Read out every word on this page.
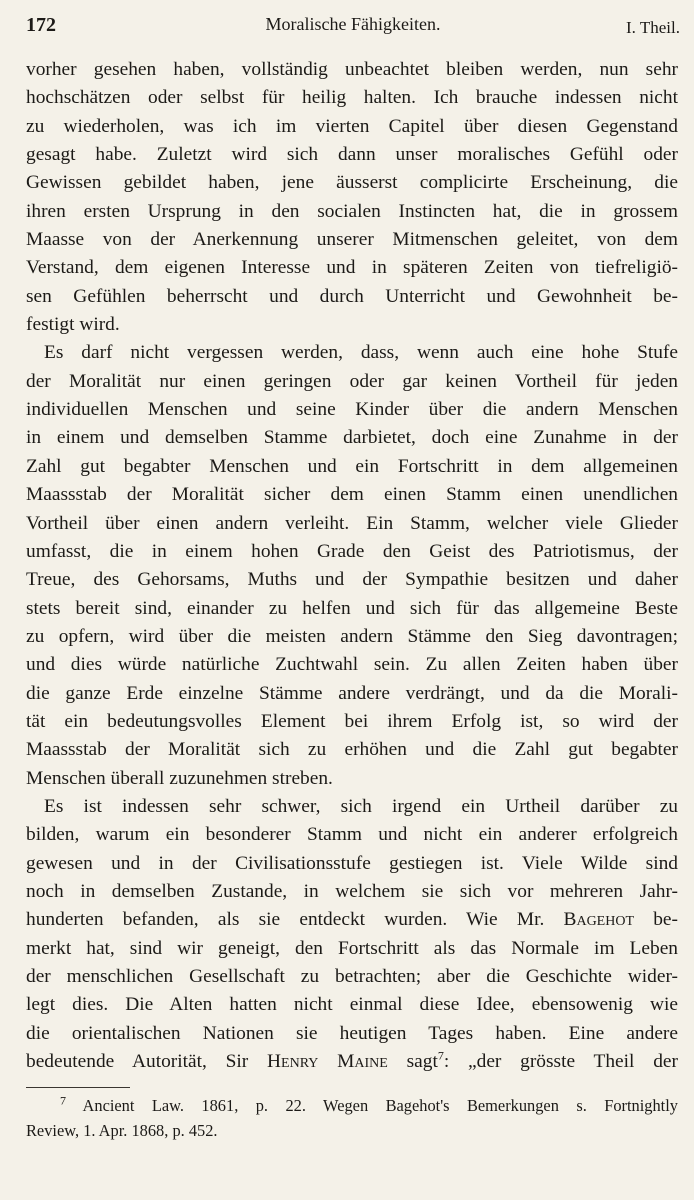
172	Moralische Fähigkeiten.	I. Theil.
vorher gesehen haben, vollständig unbeachtet bleiben werden, nun sehr
hochschätzen oder selbst für heilig halten. Ich brauche indessen nicht
zu wiederholen, was ich im vierten Capitel über diesen Gegenstand
gesagt habe. Zuletzt wird sich dann unser moralisches Gefühl oder
Gewissen gebildet haben, jene äusserst complicirte Erscheinung, die
ihren ersten Ursprung in den socialen Instincten hat, die in grossem
Maasse von der Anerkennung unserer Mitmenschen geleitet, von dem
Verstand, dem eigenen Interesse und in späteren Zeiten von tiefreligiö-
sen Gefühlen beherrscht und durch Unterricht und Gewohnheit be-
festigt wird.
Es darf nicht vergessen werden, dass, wenn auch eine hohe Stufe
der Moralität nur einen geringen oder gar keinen Vortheil für jeden
individuellen Menschen und seine Kinder über die andern Menschen
in einem und demselben Stamme darbietet, doch eine Zunahme in der
Zahl gut begabter Menschen und ein Fortschritt in dem allgemeinen
Maassstab der Moralität sicher dem einen Stamm einen unendlichen
Vortheil über einen andern verleiht. Ein Stamm, welcher viele Glieder
umfasst, die in einem hohen Grade den Geist des Patriotismus, der
Treue, des Gehorsams, Muths und der Sympathie besitzen und daher
stets bereit sind, einander zu helfen und sich für das allgemeine Beste
zu opfern, wird über die meisten andern Stämme den Sieg davontragen;
und dies würde natürliche Zuchtwahl sein. Zu allen Zeiten haben über
die ganze Erde einzelne Stämme andere verdrängt, und da die Morali-
tät ein bedeutungsvolles Element bei ihrem Erfolg ist, so wird der
Maassstab der Moralität sich zu erhöhen und die Zahl gut begabter
Menschen überall zuzunehmen streben.
Es ist indessen sehr schwer, sich irgend ein Urtheil darüber zu
bilden, warum ein besonderer Stamm und nicht ein anderer erfolgreich
gewesen und in der Civilisationsstufe gestiegen ist. Viele Wilde sind
noch in demselben Zustande, in welchem sie sich vor mehreren Jahr-
hunderten befanden, als sie entdeckt wurden. Wie Mr. Bagehot be-
merkt hat, sind wir geneigt, den Fortschritt als das Normale im Leben
der menschlichen Gesellschaft zu betrachten; aber die Geschichte wider-
legt dies. Die Alten hatten nicht einmal diese Idee, ebensowenig wie
die orientalischen Nationen sie heutigen Tages haben. Eine andere
bedeutende Autorität, Sir Henry Maine sagt$^7$: „der grösste Theil der
$^7$ Ancient Law. 1861, p. 22. Wegen Bagehot's Bemerkungen s. Fortnightly
Review, 1. Apr. 1868, p. 452.
